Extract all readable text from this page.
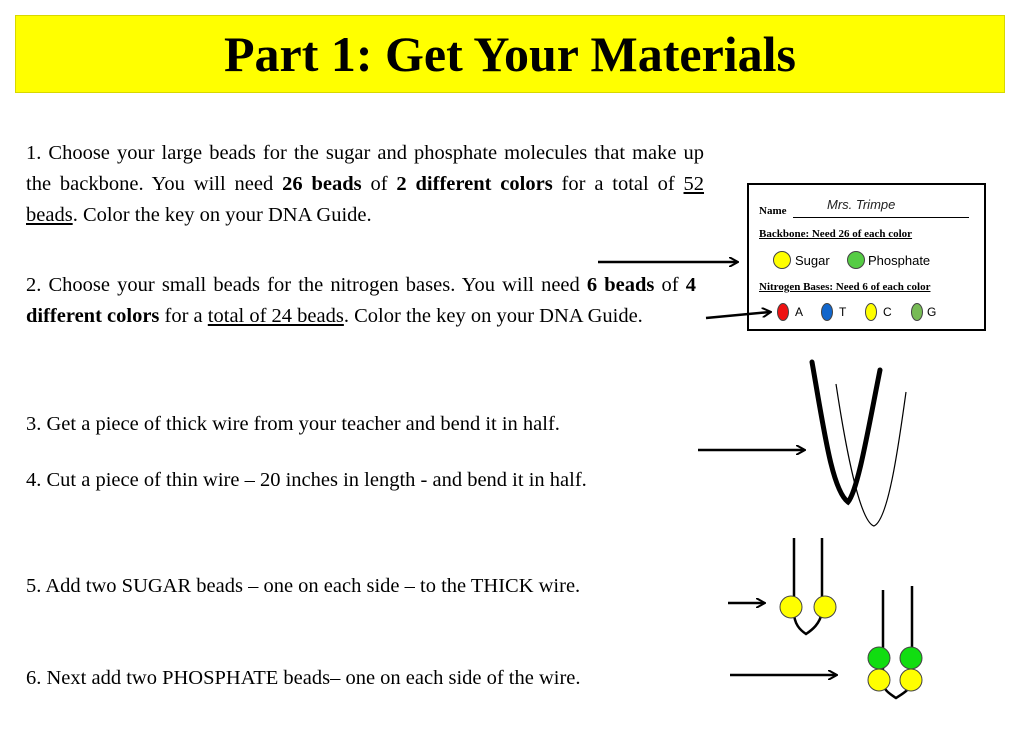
Part 1: Get Your Materials

1. Choose your large beads for the sugar and phosphate molecules that make up the backbone. You will need 26 beads of 2 different colors for a total of 52 beads. Color the key on your DNA Guide.

2. Choose your small beads for the nitrogen bases. You will need 6 beads of 4 different colors for a total of 24 beads. Color the key on your DNA Guide.

3. Get a piece of thick wire from your teacher and bend it in half.

4. Cut a piece of thin wire – 20 inches in length - and bend it in half.

5. Add two SUGAR beads – one on each side – to the THICK wire.

6. Next add two PHOSPHATE beads– one on each side of the wire.

Name	Mrs. Trimpe
Backbone: Need 26 of each color
Sugar	Phosphate
Nitrogen Bases: Need 6 of each color
A	T	C	G
